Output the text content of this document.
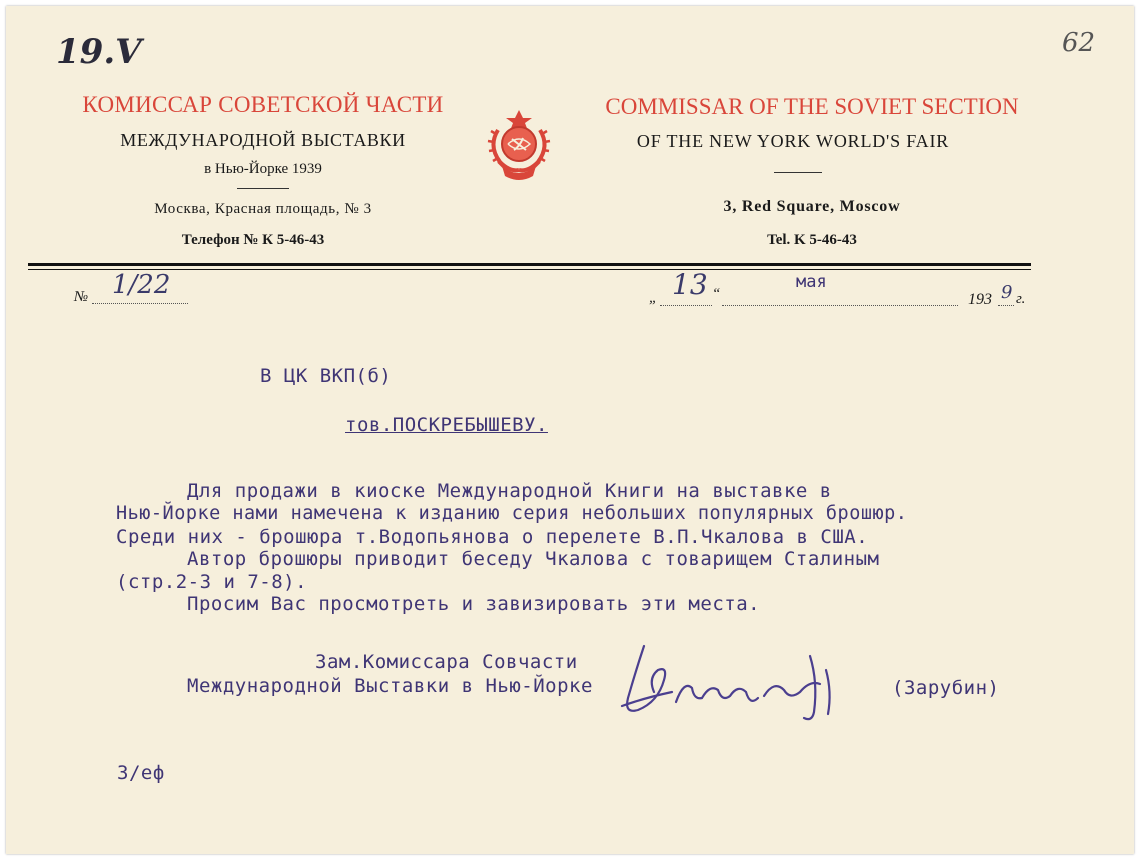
19.V	62
КОМИССАР СОВЕТСКОЙ ЧАСТИ
МЕЖДУНАРОДНОЙ ВЫСТАВКИ
в Нью-Йорке 1939
Москва, Красная площадь, № 3
Телефон № К 5-46-43
COMMISSAR OF THE SOVIET SECTION
OF THE NEW YORK WORLD'S FAIR
3, Red Square, Moscow
Tel. K 5-46-43
№ 1/22	„ 13 “
мая
193 9 г.
В ЦК ВКП(б)
тов.ПОСКРЕБЫШЕВУ.
Для продажи в киоске Международной Книги на выставке в
Нью-Йорке нами намечена к изданию серия небольших популярных брошюр.
Среди них - брошюра т.Водопьянова о перелете В.П.Чкалова в США.
Автор брошюры приводит беседу Чкалова с товарищем Сталиным
(стр.2-3 и 7-8).
Просим Вас просмотреть и завизировать эти места.
Зам.Комиссара Совчасти
Международной Выставки в Нью-Йорке	(Зарубин)
З/еф
